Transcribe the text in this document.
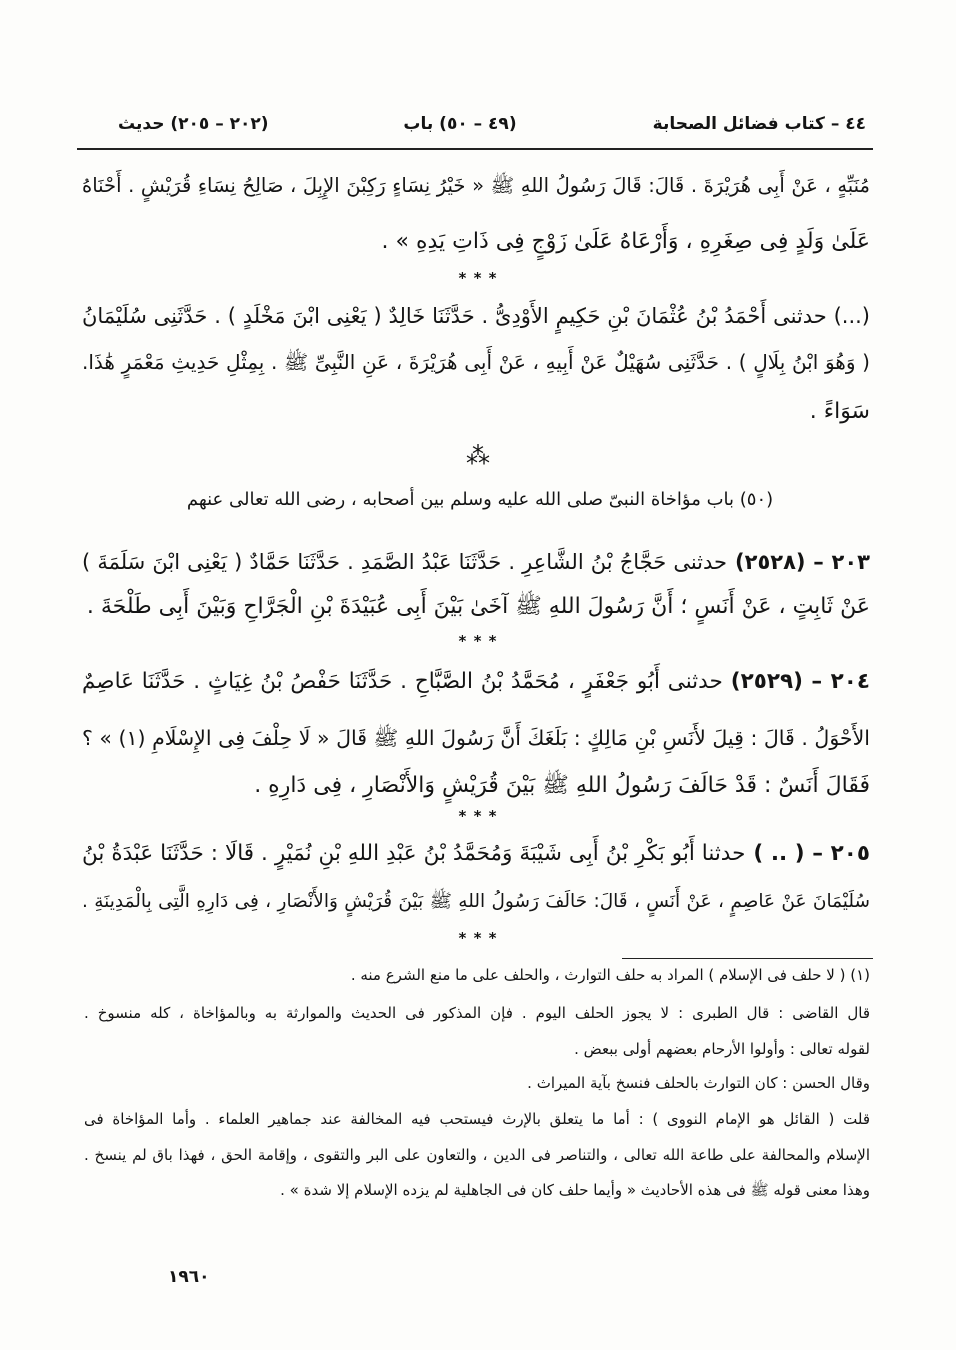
٤٤ – كتاب فضائل الصحابة
(٤٩ – ٥٠) باب
(٢٠٢ – ٢٠٥) حديث
مُنَبِّهٍ ، عَنْ أَبِى هُرَيْرَةَ . قَالَ: قَالَ رَسُولُ اللهِ ﷺ « خَيْرُ نِسَاءٍ رَكِبْنَ الإِبِلَ ، صَالِحُ نِسَاءِ قُرَيْشٍ . أَحْنَاهُ
عَلَىٰ وَلَدٍ فِى صِغَرِهِ ، وَأَرْعَاهُ عَلَىٰ زَوْجٍ فِى ذَاتِ يَدِهِ » .
* * *
(...) حدثنى أَحْمَدُ بْنُ عُثْمَانَ بْنِ حَكِيمٍ الأَوْدِىُّ . حَدَّثَنَا خَالِدٌ ( يَعْنِى ابْنَ مَخْلَدٍ ) . حَدَّثَنِى سُلَيْمَانُ
( وَهُوَ ابْنُ بِلَالٍ ) . حَدَّثَنِى سُهَيْلٌ عَنْ أَبِيهِ ، عَنْ أَبِى هُرَيْرَةَ ، عَنِ النَّبِىِّ ﷺ . بِمِثْلِ حَدِيثِ مَعْمَرٍ هَٰذَا.
سَوَاءً .
⁂
(٥٠) باب مؤاخاة النبىّ صلى الله عليه وسلم بين أصحابه ، رضى الله تعالى عنهم
٢٠٣ – (٢٥٢٨)حدثنى حَجَّاجُ بْنُ الشَّاعِرِ . حَدَّثَنَا عَبْدُ الصَّمَدِ . حَدَّثَنَا حَمَّادٌ ( يَعْنِى ابْنَ سَلَمَةَ )
عَنْ ثَابِتٍ ، عَنْ أَنَسٍ ؛ أَنَّ رَسُولَ اللهِ ﷺ آخَىٰ بَيْنَ أَبِى عُبَيْدَةَ بْنِ الْجَرَّاحِ وَبَيْنَ أَبِى طَلْحَةَ .
* * *
٢٠٤ – (٢٥٢٩)حدثنى أَبُو جَعْفَرٍ ، مُحَمَّدُ بْنُ الصَّبَّاحِ . حَدَّثَنَا حَفْصُ بْنُ غِيَاثٍ . حَدَّثَنَا عَاصِمٌ
الأَحْوَلُ . قَالَ : قِيلَ لأَنَسِ بْنِ مَالِكٍ : بَلَغَكَ أَنَّ رَسُولَ اللهِ ﷺ قَالَ « لَا حِلْفَ فِى الإِسْلَامِ (١) » ؟
فَقَالَ أَنَسٌ : قَدْ حَالَفَ رَسُولُ اللهِ ﷺ بَيْنَ قُرَيْشٍ وَالأَنْصَارِ ، فِى دَارِهِ .
* * *
٢٠٥ – ( .. )حدثنا أَبُو بَكْرِ بْنُ أَبِى شَيْبَةَ وَمُحَمَّدُ بْنُ عَبْدِ اللهِ بْنِ نُمَيْرٍ . قَالَا : حَدَّثَنَا عَبْدَةُ بْنُ
سُلَيْمَانَ عَنْ عَاصِمٍ ، عَنْ أَنَسٍ ، قَالَ: حَالَفَ رَسُولُ اللهِ ﷺ بَيْنَ قُرَيْشٍ وَالأَنْصَارِ ، فِى دَارِهِ الَّتِى بِالْمَدِينَةِ .
* * *
(١) ( لا حلف فى الإسلام ) المراد به حلف التوارث ، والحلف على ما منع الشرع منه .
قال القاضى : قال الطبرى : لا يجوز الحلف اليوم . فإن المذكور فى الحديث والموارثة به وبالمؤاخاة ، كله منسوخ .
لقوله تعالى : وأولوا الأرحام بعضهم أولى ببعض .
وقال الحسن : كان التوارث بالحلف فنسخ بآية الميراث .
قلت ( القائل هو الإمام النووى ) : أما ما يتعلق بالإرث فيستحب فيه المخالفة عند جماهير العلماء . وأما المؤاخاة فى
الإسلام والمحالفة على طاعة الله تعالى ، والتناصر فى الدين ، والتعاون على البر والتقوى ، وإقامة الحق ، فهذا باق لم ينسخ .
وهذا معنى قوله ﷺ فى هذه الأحاديث « وأيما حلف كان فى الجاهلية لم يزده الإسلام إلا شدة » .
١٩٦٠
